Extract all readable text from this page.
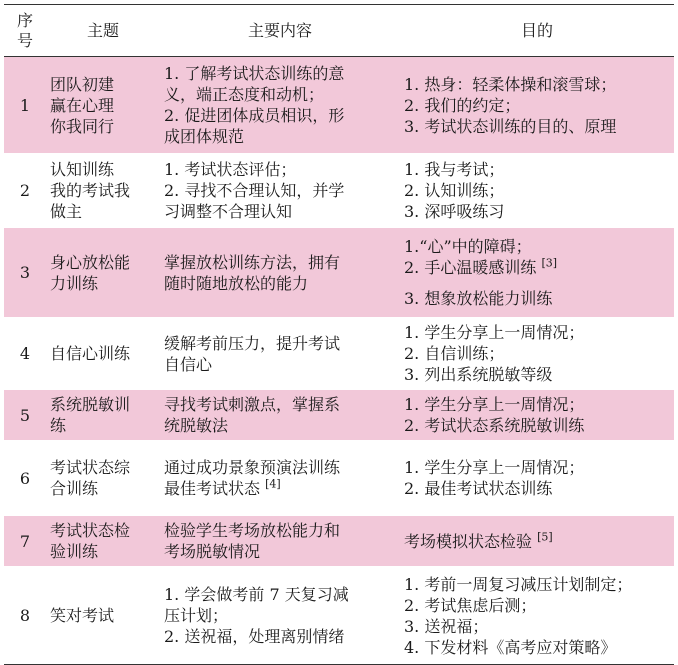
序
号	主题	主要内容	目的
1	团队初建
赢在心理
你我同行	1. 了解考试状态训练的意
义，端正态度和动机；
2. 促进团体成员相识，形
成团体规范	1. 热身：轻柔体操和滚雪球；
2. 我们的约定；
3. 考试状态训练的目的、原理

2	认知训练
我的考试我
做主	1. 考试状态评估；
2. 寻找不合理认知，并学
习调整不合理认知	1. 我与考试；
2. 认知训练；
3. 深呼吸练习

3	身心放松能
力训练	掌握放松训练方法，拥有
随时随地放松的能力	1.“心”中的障碍；
2. 手心温暖感训练 [3]
3. 想象放松能力训练

4	自信心训练	缓解考前压力，提升考试
自信心	1. 学生分享上一周情况；
2. 自信训练；
3. 列出系统脱敏等级

5	系统脱敏训
练	寻找考试刺激点，掌握系
统脱敏法	1. 学生分享上一周情况；
2. 考试状态系统脱敏训练

6	考试状态综
合训练	通过成功景象预演法训练
最佳考试状态 [4]	1. 学生分享上一周情况；
2. 最佳考试状态训练

7	考试状态检
验训练	检验学生考场放松能力和
考场脱敏情况	考场模拟状态检验 [5]

8	笑对考试	1. 学会做考前 7 天复习减
压计划；
2. 送祝福，处理离别情绪	1. 考前一周复习减压计划制定；
2. 考试焦虑后测；
3. 送祝福；
4. 下发材料《高考应对策略》
